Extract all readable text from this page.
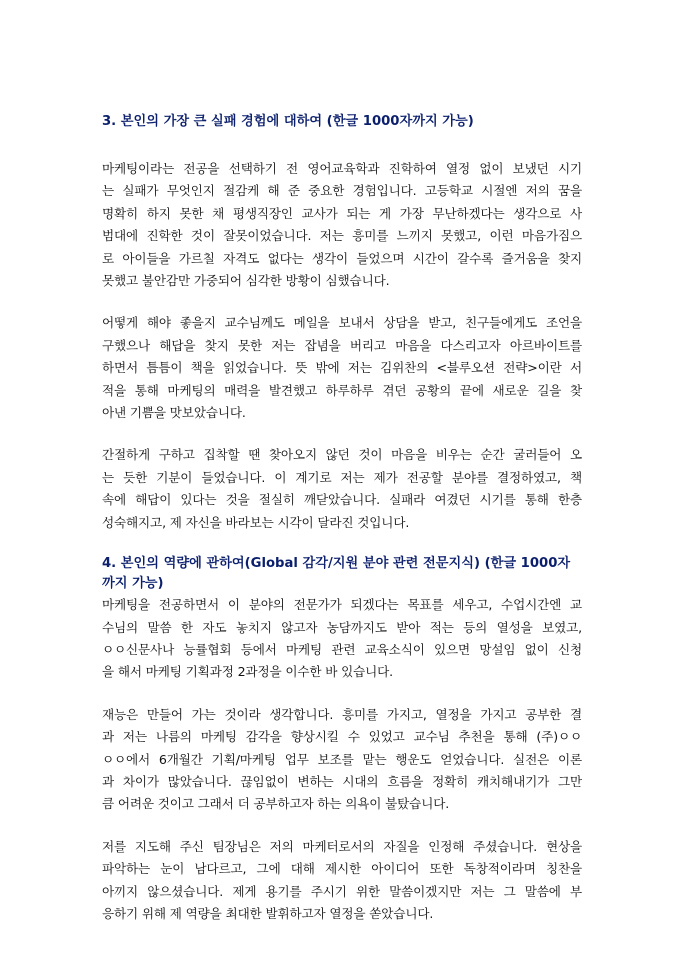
3. 본인의 가장 큰 실패 경험에 대하여 (한글 1000자까지 가능)
마케팅이라는 전공을 선택하기 전 영어교육학과 진학하여 열정 없이 보냈던 시기
는 실패가 무엇인지 절감케 해 준 중요한 경험입니다. 고등학교 시절엔 저의 꿈을
명확히 하지 못한 채 평생직장인 교사가 되는 게 가장 무난하겠다는 생각으로 사
범대에 진학한 것이 잘못이었습니다. 저는 흥미를 느끼지 못했고, 이런 마음가짐으
로 아이들을 가르칠 자격도 없다는 생각이 들었으며 시간이 갈수록 즐거움을 찾지
못했고 불안감만 가중되어 심각한 방황이 심했습니다.
어떻게 해야 좋을지 교수님께도 메일을 보내서 상담을 받고, 친구들에게도 조언을
구했으나 해답을 찾지 못한 저는 잡념을 버리고 마음을 다스리고자 아르바이트를
하면서 틈틈이 책을 읽었습니다. 뜻 밖에 저는 김위찬의 <블루오션 전략>이란 서
적을 통해 마케팅의 매력을 발견했고 하루하루 겪던 공황의 끝에 새로운 길을 찾
아낸 기쁨을 맛보았습니다.
간절하게 구하고 집착할 땐 찾아오지 않던 것이 마음을 비우는 순간 굴러들어 오
는 듯한 기분이 들었습니다. 이 계기로 저는 제가 전공할 분야를 결정하였고, 책
속에 해답이 있다는 것을 절실히 깨닫았습니다. 실패라 여겼던 시기를 통해 한층
성숙해지고, 제 자신을 바라보는 시각이 달라진 것입니다.
4. 본인의 역량에 관하여(Global 감각/지원 분야 관련 전문지식) (한글 1000자
까지 가능)
마케팅을 전공하면서 이 분야의 전문가가 되겠다는 목표를 세우고, 수업시간엔 교
수님의 말씀 한 자도 놓치지 않고자 농담까지도 받아 적는 등의 열성을 보였고,
ㅇㅇ신문사나 능률협회 등에서 마케팅 관련 교육소식이 있으면 망설임 없이 신청
을 해서 마케팅 기획과정 2과정을 이수한 바 있습니다.
재능은 만들어 가는 것이라 생각합니다. 흥미를 가지고, 열정을 가지고 공부한 결
과 저는 나름의 마케팅 감각을 향상시킬 수 있었고 교수님 추천을 통해 (주)ㅇㅇ
ㅇㅇ에서 6개월간 기획/마케팅 업무 보조를 맡는 행운도 얻었습니다. 실전은 이론
과 차이가 많았습니다. 끊임없이 변하는 시대의 흐름을 정확히 캐치해내기가 그만
큼 어려운 것이고 그래서 더 공부하고자 하는 의욕이 불탔습니다.
저를 지도해 주신 팀장님은 저의 마케터로서의 자질을 인정해 주셨습니다. 현상을
파악하는 눈이 남다르고, 그에 대해 제시한 아이디어 또한 독창적이라며 칭찬을
아끼지 않으셨습니다. 제게 용기를 주시기 위한 말씀이겠지만 저는 그 말씀에 부
응하기 위해 제 역량을 최대한 발휘하고자 열정을 쏟았습니다.
